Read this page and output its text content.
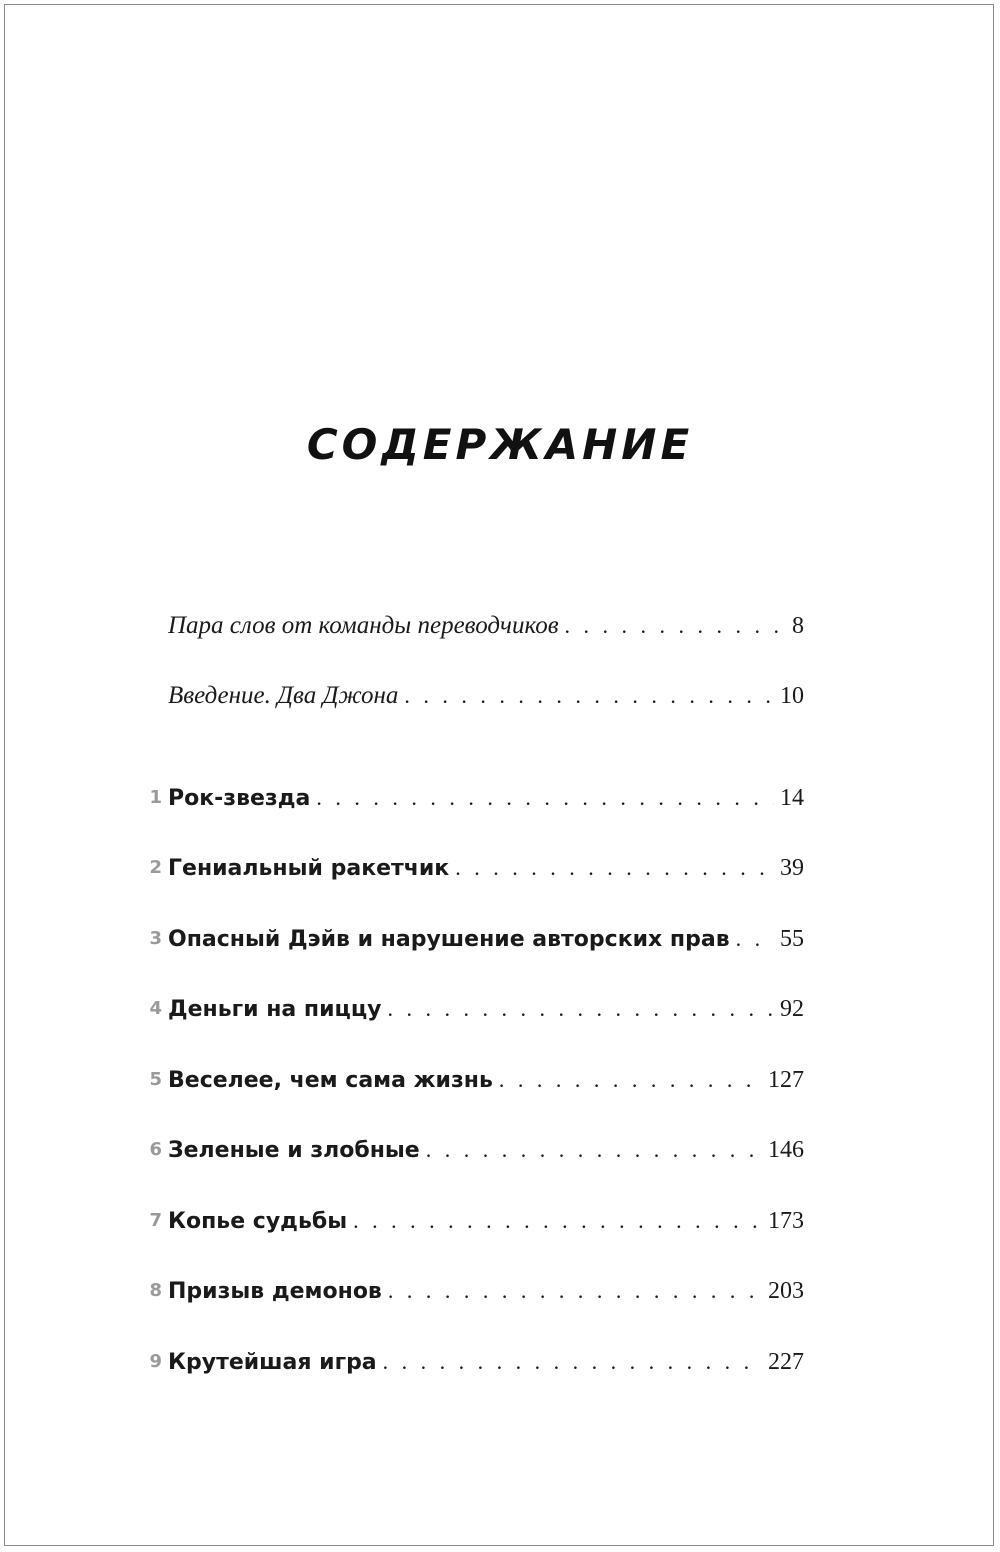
СОДЕРЖАНИЕ
Пара слов от команды переводчиков . . .	8
Введение. Два Джона . . .	10
1 Рок-звезда . . .	14
2 Гениальный ракетчик . . .	39
3 Опасный Дэйв и нарушение авторских прав . . . 55
4 Деньги на пиццу . . .	92
5 Веселее, чем сама жизнь . . .	127
6 Зеленые и злобные . . .	146
7 Копье судьбы . . .	173
8 Призыв демонов . . .	203
9 Крутейшая игра . . .	227
